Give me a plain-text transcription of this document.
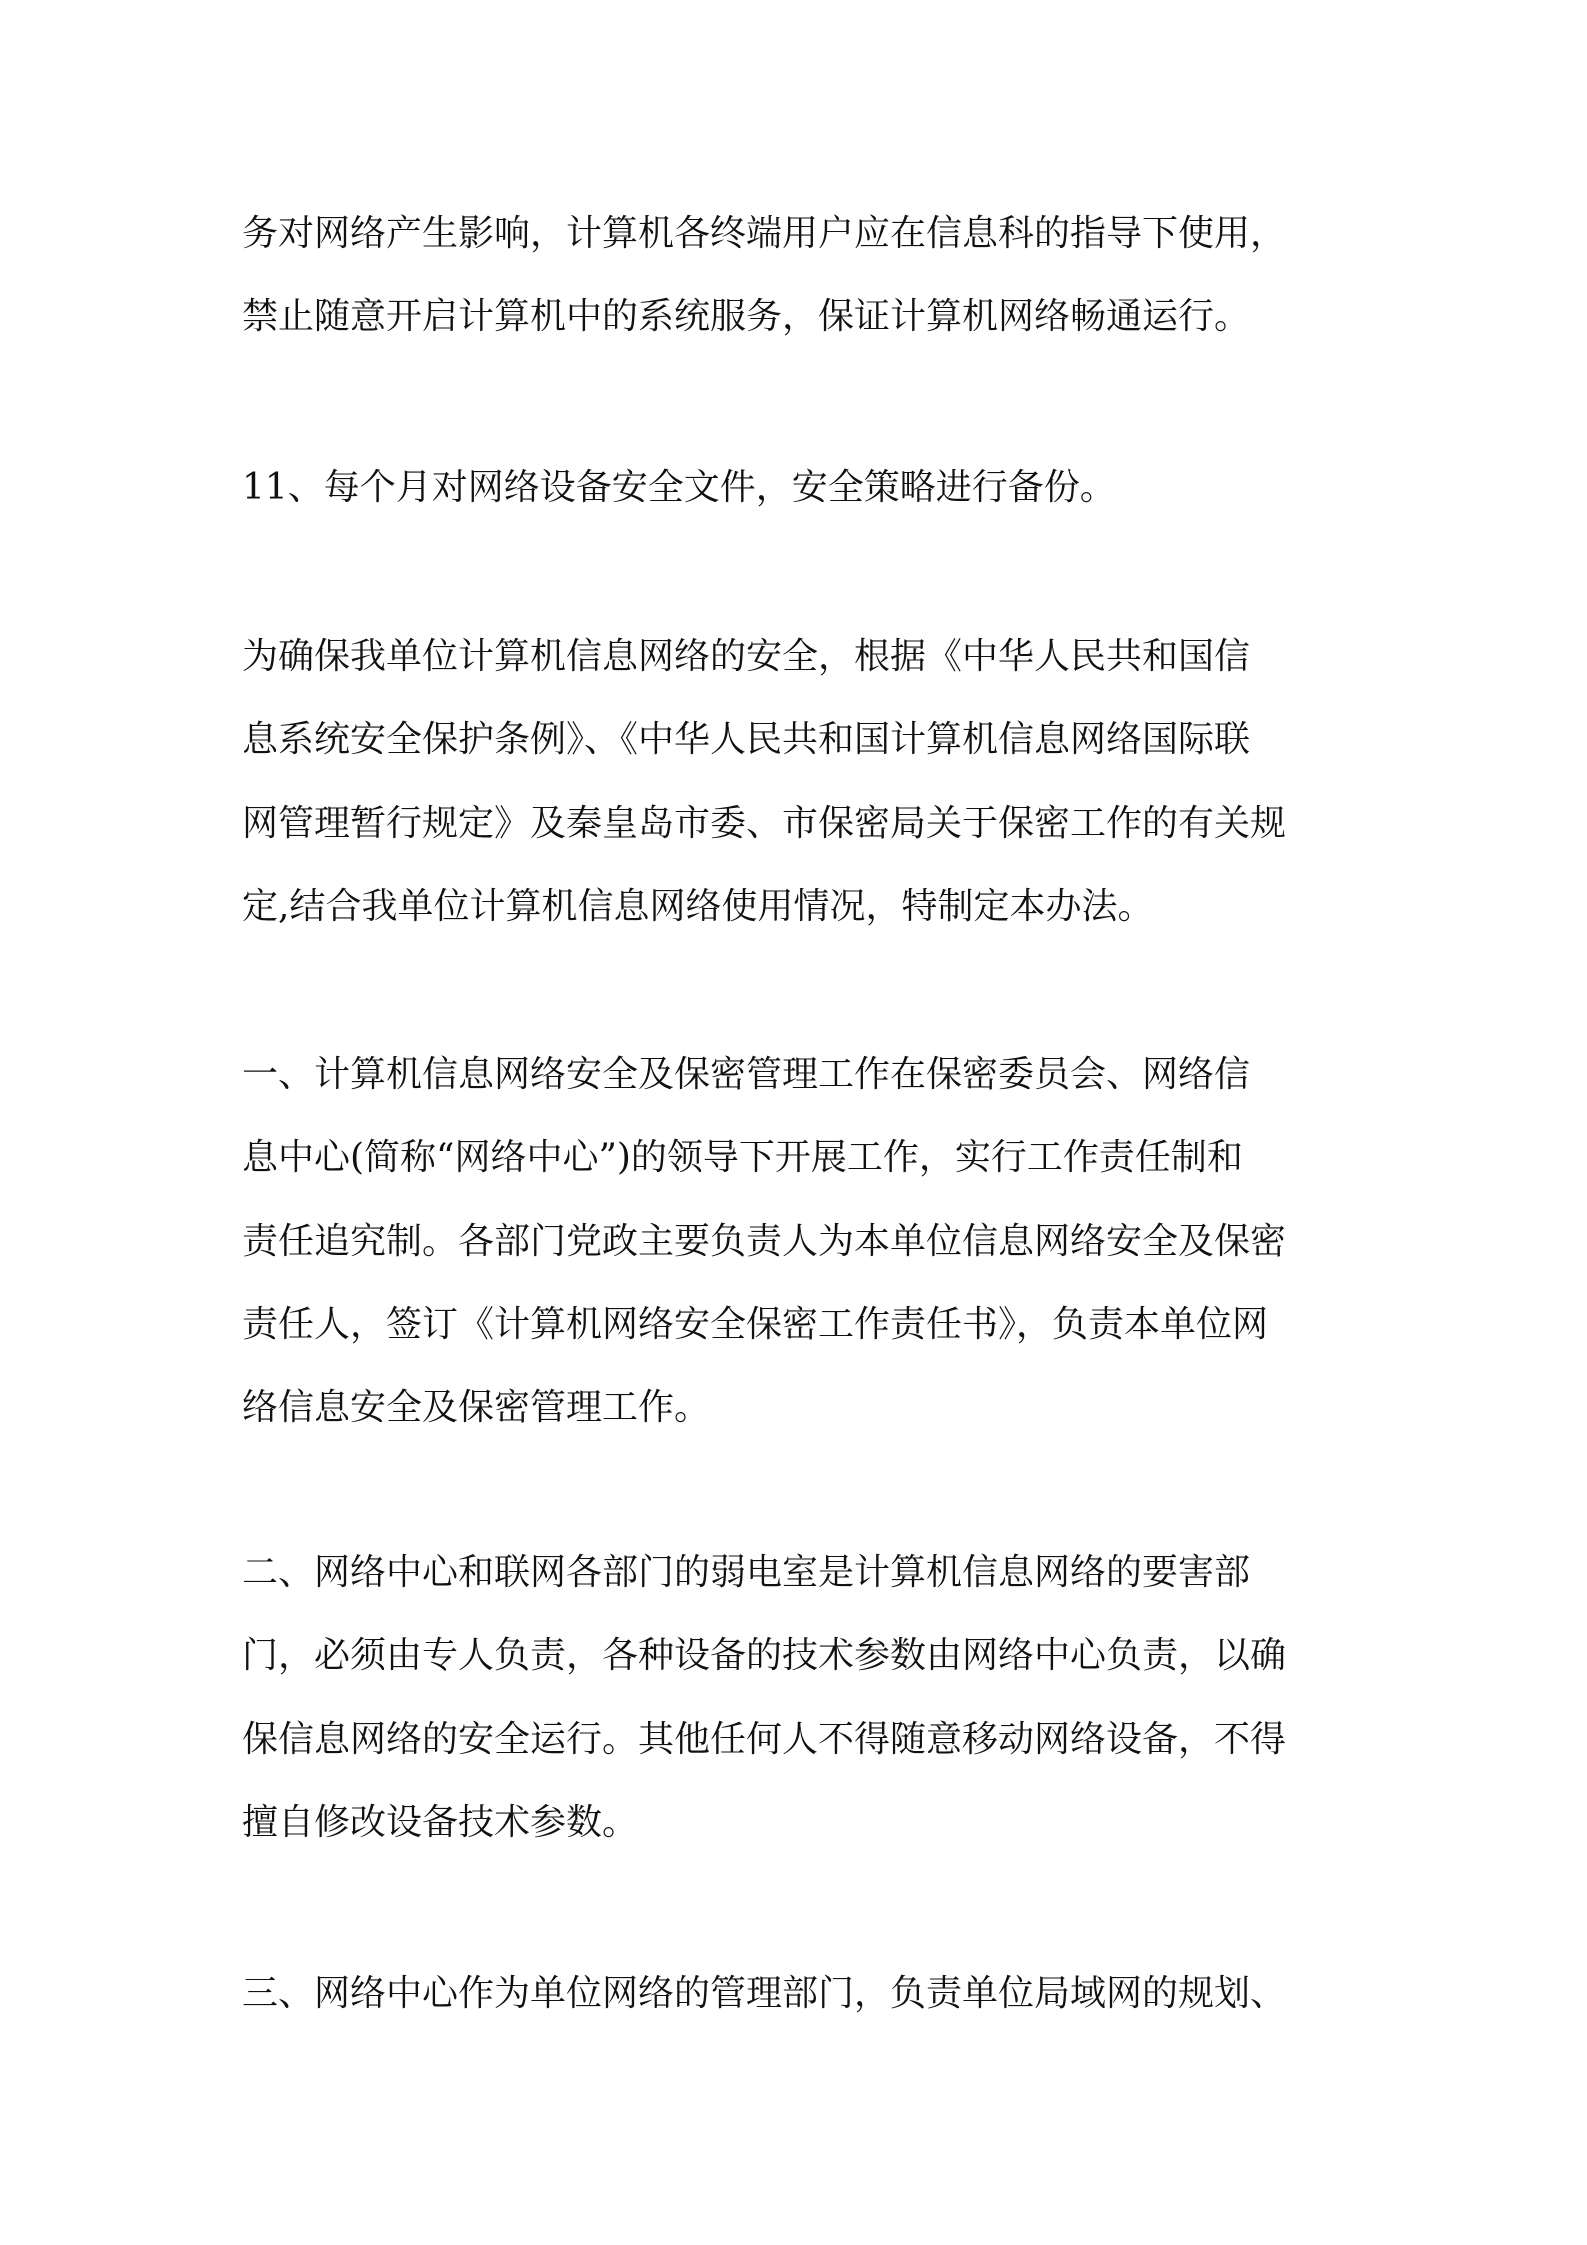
务对网络产生影响，计算机各终端用户应在信息科的指导下使用，
禁止随意开启计算机中的系统服务，保证计算机网络畅通运行。
11、每个月对网络设备安全文件，安全策略进行备份。
为确保我单位计算机信息网络的安全，根据《中华人民共和国信
息系统安全保护条例》、《中华人民共和国计算机信息网络国际联
网管理暂行规定》及秦皇岛市委、市保密局关于保密工作的有关规
定,结合我单位计算机信息网络使用情况，特制定本办法。
一、计算机信息网络安全及保密管理工作在保密委员会、网络信
息中心(简称“网络中心”)的领导下开展工作，实行工作责任制和
责任追究制。各部门党政主要负责人为本单位信息网络安全及保密
责任人，签订《计算机网络安全保密工作责任书》，负责本单位网
络信息安全及保密管理工作。
二、网络中心和联网各部门的弱电室是计算机信息网络的要害部
门，必须由专人负责，各种设备的技术参数由网络中心负责，以确
保信息网络的安全运行。其他任何人不得随意移动网络设备，不得
擅自修改设备技术参数。
三、网络中心作为单位网络的管理部门，负责单位局域网的规划、
